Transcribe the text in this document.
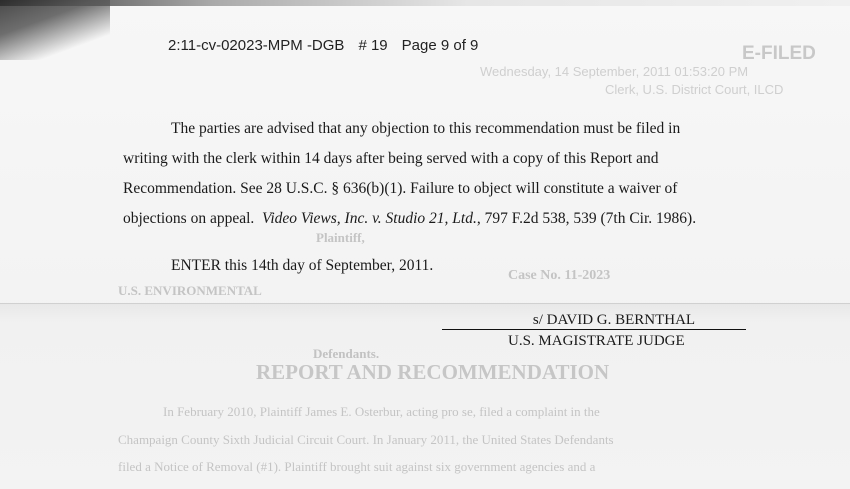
E-FILED
Wednesday, 14 September, 2011 01:53:20 PM
Clerk, U.S. District Court, ILCD
Plaintiff,
Case No. 11-2023
U.S. ENVIRONMENTAL
Defendants.
REPORT AND RECOMMENDATION
In February 2010, Plaintiff James E. Osterbur, acting pro se, filed a complaint in the
Champaign County Sixth Judicial Circuit Court. In January 2011, the United States Defendants
filed a Notice of Removal (#1). Plaintiff brought suit against six government agencies and a
2:11-cv-02023-MPM -DGB # 19 Page 9 of 9
The parties are advised that any objection to this recommendation must be filed in
writing with the clerk within 14 days after being served with a copy of this Report and
Recommendation. See 28 U.S.C. § 636(b)(1). Failure to object will constitute a waiver of
objections on appeal.  Video Views, Inc. v. Studio 21, Ltd., 797 F.2d 538, 539 (7th Cir. 1986).
ENTER this 14th day of September, 2011.
s/ DAVID G. BERNTHAL
U.S. MAGISTRATE JUDGE
